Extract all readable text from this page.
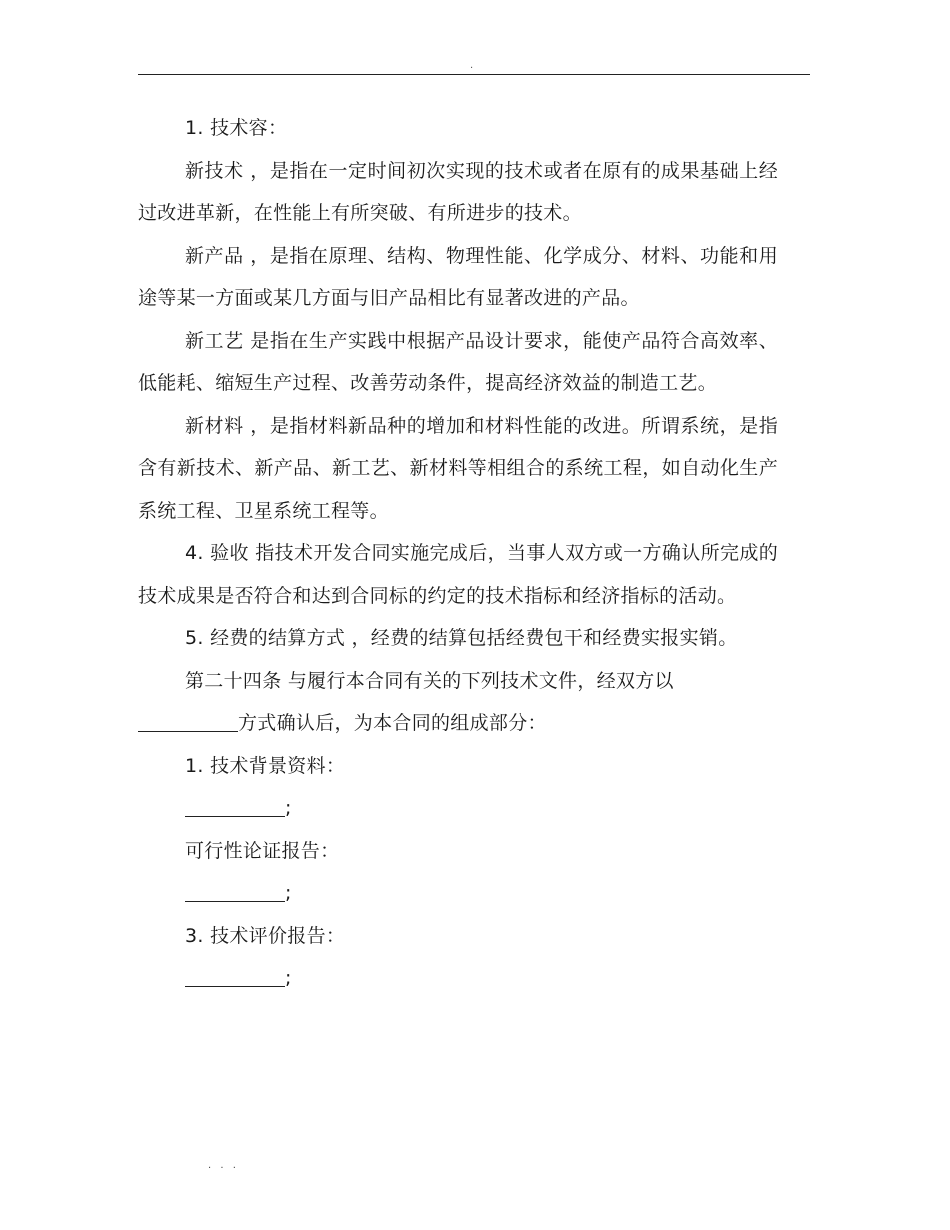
.

1. 技术容：

新技术 ，是指在一定时间初次实现的技术或者在原有的成果基础上经过改进革新，在性能上有所突破、有所进步的技术。

新产品 ，是指在原理、结构、物理性能、化学成分、材料、功能和用途等某一方面或某几方面与旧产品相比有显著改进的产品。

新工艺 是指在生产实践中根据产品设计要求，能使产品符合高效率、低能耗、缩短生产过程、改善劳动条件，提高经济效益的制造工艺。

新材料 ，是指材料新品种的增加和材料性能的改进。所谓系统，是指含有新技术、新产品、新工艺、新材料等相组合的系统工程，如自动化生产系统工程、卫星系统工程等。

4. 验收 指技术开发合同实施完成后，当事人双方或一方确认所完成的技术成果是否符合和达到合同标的约定的技术指标和经济指标的活动。

5. 经费的结算方式 ，经费的结算包括经费包干和经费实报实销。

第二十四条 与履行本合同有关的下列技术文件，经双方以

方式确认后，为本合同的组成部分：

1. 技术背景资料：

;

可行性论证报告：

;

3. 技术评价报告：

;

. . .
